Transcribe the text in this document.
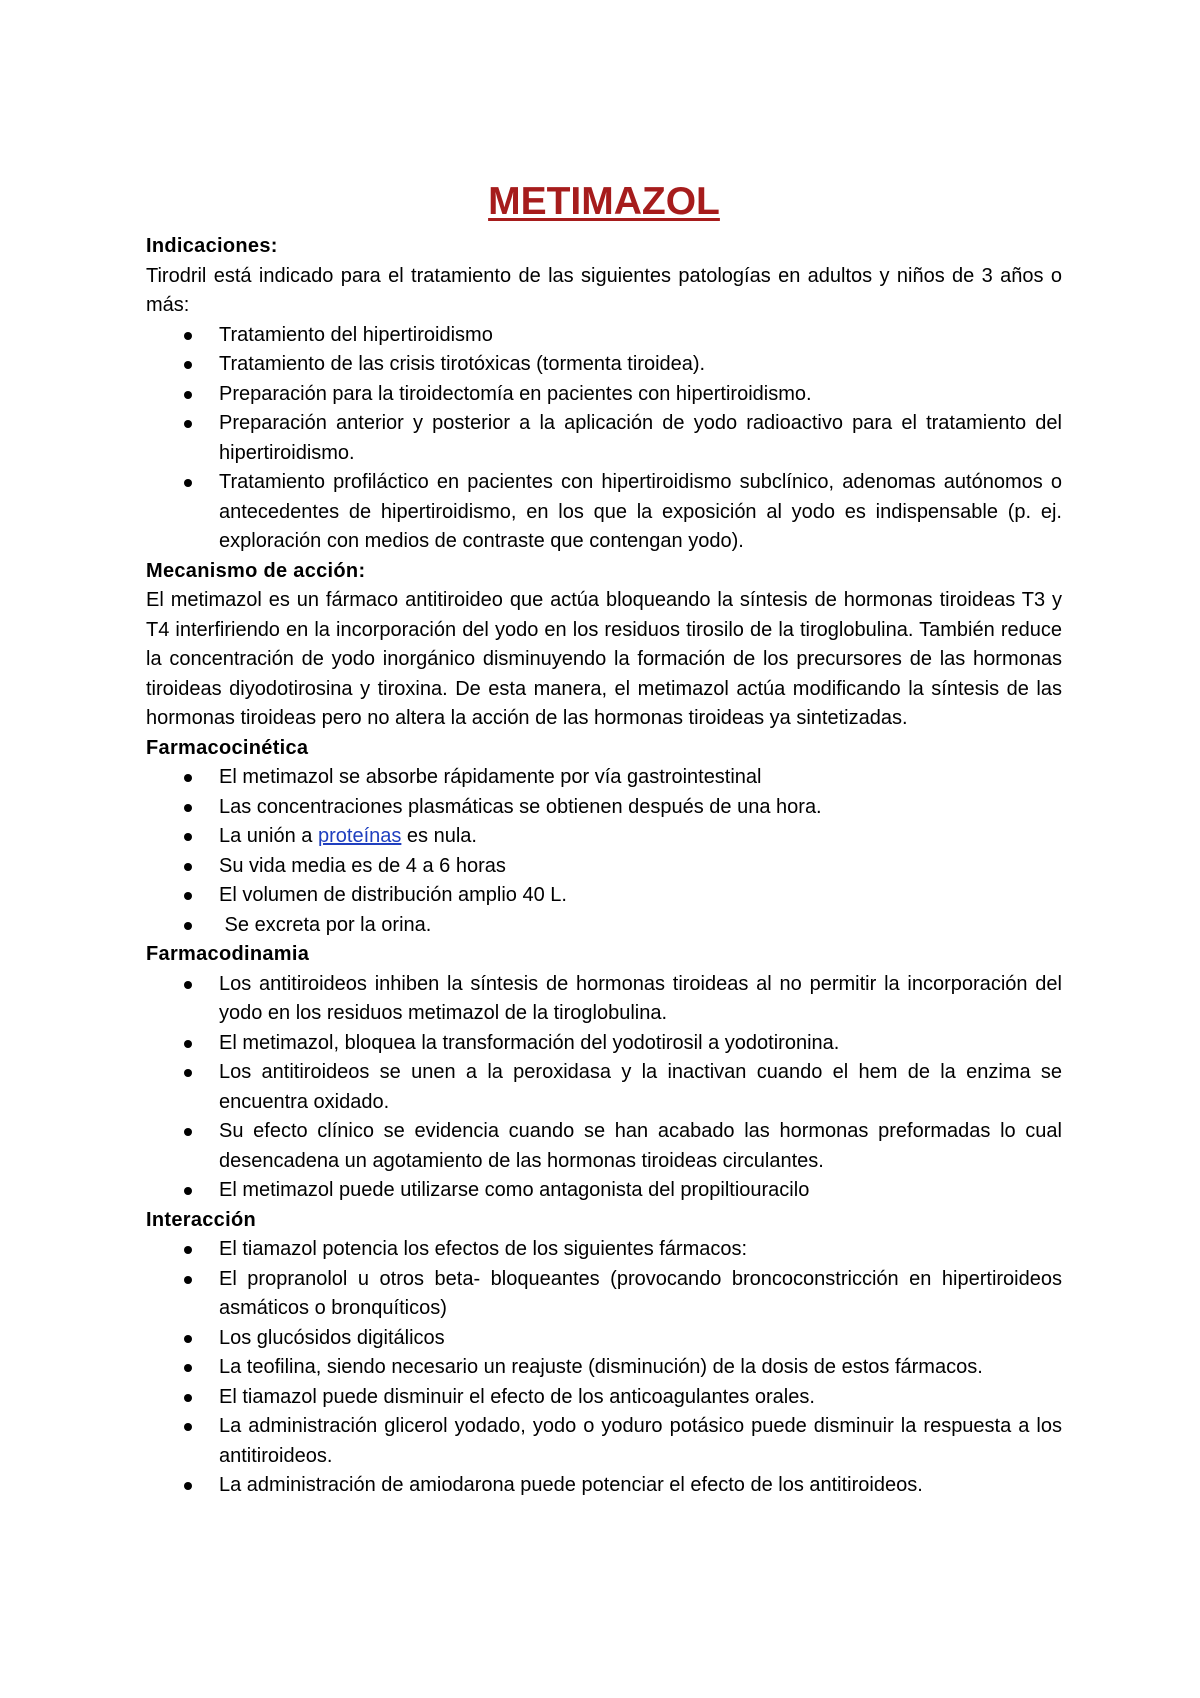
METIMAZOL

Indicaciones:

Tirodril está indicado para el tratamiento de las siguientes patologías en adultos y niños de 3 años o más:

Tratamiento del hipertiroidismo
Tratamiento de las crisis tirotóxicas (tormenta tiroidea).
Preparación para la tiroidectomía en pacientes con hipertiroidismo.
Preparación anterior y posterior a la aplicación de yodo radioactivo para el tratamiento del hipertiroidismo.
Tratamiento profiláctico en pacientes con hipertiroidismo subclínico, adenomas autónomos o antecedentes de hipertiroidismo, en los que la exposición al yodo es indispensable (p. ej. exploración con medios de contraste que contengan yodo).

Mecanismo de acción:

El metimazol es un fármaco antitiroideo que actúa bloqueando la síntesis de hormonas tiroideas T3 y T4 interfiriendo en la incorporación del yodo en los residuos tirosilo de la tiroglobulina. También reduce la concentración de yodo inorgánico disminuyendo la formación de los precursores de las hormonas tiroideas diyodotirosina y tiroxina. De esta manera, el metimazol actúa modificando la síntesis de las hormonas tiroideas pero no altera la acción de las hormonas tiroideas ya sintetizadas.

Farmacocinética

El metimazol se absorbe rápidamente por vía gastrointestinal
Las concentraciones plasmáticas se obtienen después de una hora.
La unión a proteínas es nula.
Su vida media es de 4 a 6 horas
El volumen de distribución amplio 40 L.
Se excreta por la orina.

Farmacodinamia

Los antitiroideos inhiben la síntesis de hormonas tiroideas al no permitir la incorporación del yodo en los residuos metimazol de la tiroglobulina.
El metimazol, bloquea la transformación del yodotirosil a yodotironina.
Los antitiroideos se unen a la peroxidasa y la inactivan cuando el hem de la enzima se encuentra oxidado.
Su efecto clínico se evidencia cuando se han acabado las hormonas preformadas lo cual desencadena un agotamiento de las hormonas tiroideas circulantes.
El metimazol puede utilizarse como antagonista del propiltiouracilo

Interacción

El tiamazol potencia los efectos de los siguientes fármacos:
El propranolol u otros beta- bloqueantes (provocando broncoconstricción en hipertiroideos asmáticos o bronquíticos)
Los glucósidos digitálicos
La teofilina, siendo necesario un reajuste (disminución) de la dosis de estos fármacos.
El tiamazol puede disminuir el efecto de los anticoagulantes orales.
La administración glicerol yodado, yodo o yoduro potásico puede disminuir la respuesta a los antitiroideos.
La administración de amiodarona puede potenciar el efecto de los antitiroideos.
